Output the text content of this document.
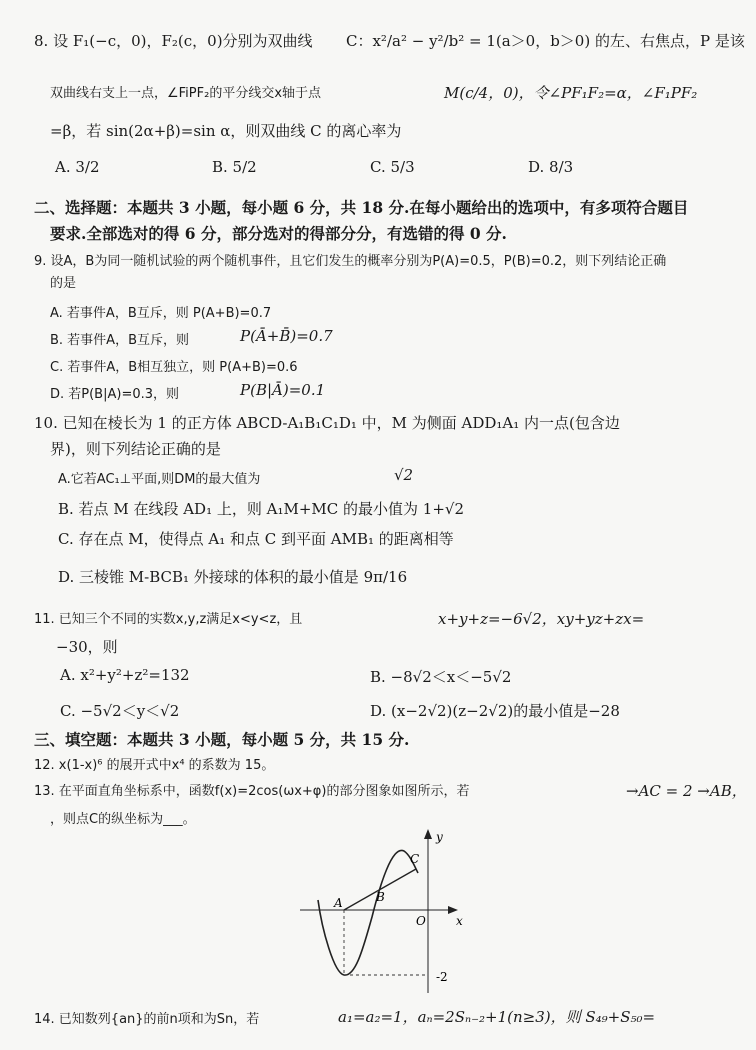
8. 设 F₁(−c，0)，F₂(c，0)分别为双曲线 C：x²/a² − y²/b² = 1(a＞0，b＞0) 的左、右焦点，P 是该
双曲线右支上一点，∠FiPF₂的平分线交x轴于点	M(c/4，0)，令∠PF₁F₂=α，∠F₁PF₂
=β，若 sin(2α+β)=sin α，则双曲线 C 的离心率为
A. 3/2	B. 5/2	C. 5/3	D. 8/3
二、选择题：本题共 3 小题，每小题 6 分，共 18 分.在每小题给出的选项中，有多项符合题目
要求.全部选对的得 6 分，部分选对的得部分分，有选错的得 0 分.
9. 设A，B为同一随机试验的两个随机事件，且它们发生的概率分别为P(A)=0.5，P(B)=0.2，则下列结论正确
的是
A. 若事件A，B互斥，则 P(A+B)=0.7
B. 若事件A，B互斥，则	P(Ā+B̄)=0.7
C. 若事件A，B相互独立，则 P(A+B)=0.6
D. 若P(B|A)=0.3，则	P(B|Ā)=0.1
10. 已知在棱长为 1 的正方体 ABCD-A₁B₁C₁D₁ 中，M 为侧面 ADD₁A₁ 内一点(包含边
界)，则下列结论正确的是
A.它若AC₁⊥平面,则DM的最大值为	√2
B. 若点 M 在线段 AD₁ 上，则 A₁M+MC 的最小值为 1+√2
C. 存在点 M，使得点 A₁ 和点 C 到平面 AMB₁ 的距离相等
D. 三棱锥 M-BCB₁ 外接球的体积的最小值是 9π/16
11. 已知三个不同的实数x,y,z满足x<y<z，且	x+y+z=−6√2，xy+yz+zx=
−30，则
A. x²+y²+z²=132	B. −8√2＜x＜−5√2
C. −5√2＜y＜√2	D. (x−2√2)(z−2√2)的最小值是−28
三、填空题：本题共 3 小题，每小题 5 分，共 15 分.
12. x(1-x)⁶ 的展开式中x⁴ 的系数为 15。
13. 在平面直角坐标系中，函数f(x)=2cos(ωx+φ)的部分图象如图所示，若	→AC = 2 →AB，
，则点C的纵坐标为___。
y
x
O
A	B
C
-2
14. 已知数列{an}的前n项和为Sn，若	a₁=a₂=1，aₙ=2Sₙ₋₂+1(n≥3)，则 S₄₉+S₅₀=
